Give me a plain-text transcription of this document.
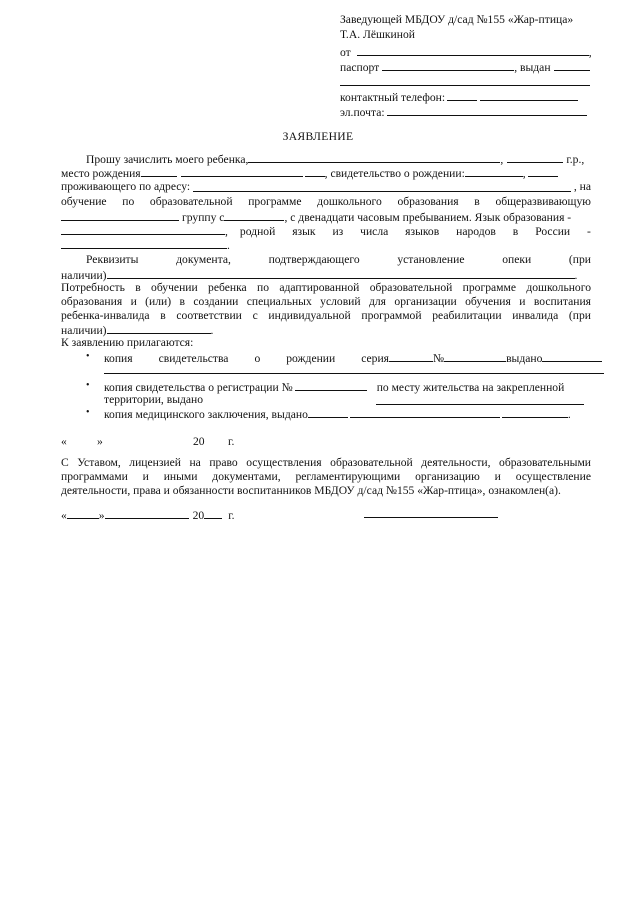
Заведующей МБДОУ д/сад №155 «Жар-птица»
Т.А. Лёшкиной
от	,
паспорт	, выдан
контактный телефон:
эл.почта:
ЗАЯВЛЕНИЕ
Прошу зачислить моего ребенка,	,	г.р.,
место рождения	, свидетельство о рождении:	,
проживающего по адресу:	, на
обучение по образовательной программе дошкольного образования в общеразвивающую
группу с	, с двенадцати часовым пребыванием. Язык образования -
, родной язык из числа языков народов в России -
.
Реквизиты	документа,	подтверждающего	установление	опеки	(при
наличии)	.
Потребность в обучении ребенка по адаптированной образовательной программе дошкольного
образования и (или) в создании специальных условий для организации обучения и воспитания
ребенка-инвалида в соответствии с индивидуальной программой реабилитации инвалида (при
наличии)	.
К заявлению прилагаются:
• копия свидетельства о рождении серия	№	выдано
• копия свидетельства о регистрации №	по месту жительства на закрепленной
территории, выдано
• копия медицинского заключения, выдано	.
«	»	20 г.
С Уставом, лицензией на право осуществления образовательной деятельности, образовательными
программами и иными документами, регламентирующими организацию и осуществление
деятельности, права и обязанности воспитанников МБДОУ д/сад №155 «Жар-птица», ознакомлен(а).
«	»	20 г.
